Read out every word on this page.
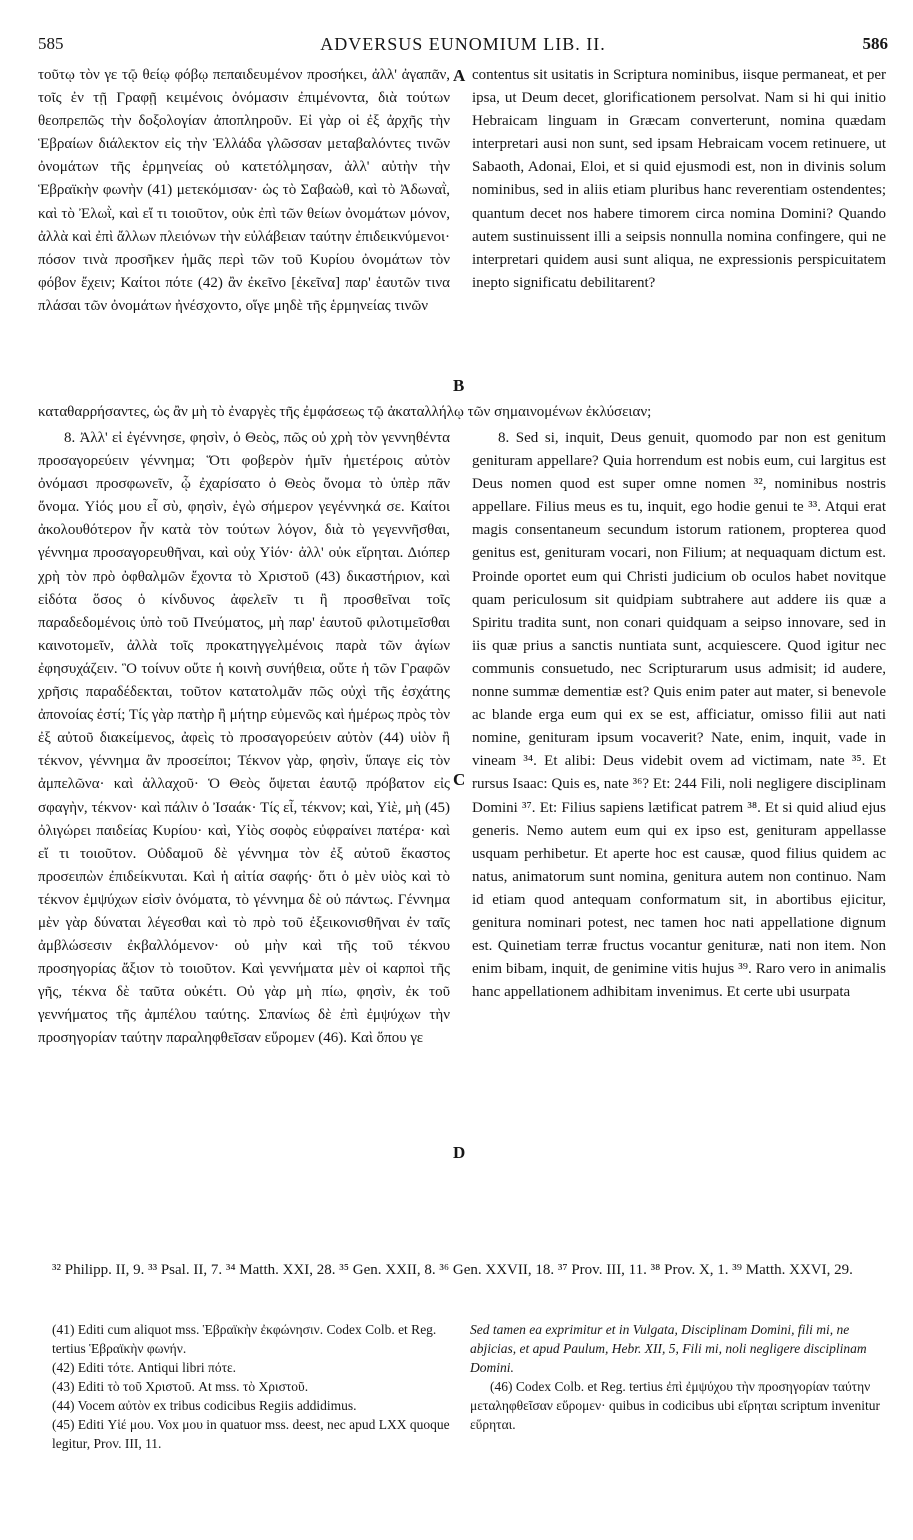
585	ADVERSUS EUNOMIUM LIB. II.	586

τοῦτῳ τὸν γε τῷ θείῳ φόβῳ πεπαιδευμένον προσήκει, ἀλλ' ἀγαπᾶν, τοῖς ἐν τῇ Γραφῇ κειμένοις ὀνόμασιν ἐπιμένοντα, διὰ τούτων θεοπρεπῶς τὴν δοξολογίαν ἀποπληροῦν. Εἰ γὰρ οἱ ἐξ ἀρχῆς τὴν Ἑβραίων διάλεκτον εἰς τὴν Ἑλλάδα γλῶσσαν μεταβαλόντες τινῶν ὀνομάτων τῆς ἑρμηνείας οὐ κατετόλμησαν, ἀλλ' αὐτὴν τὴν Ἑβραϊκὴν φωνὴν (41) μετεκόμισαν· ὡς τὸ Σαβαὼθ, καὶ τὸ Ἀδωναῒ, καὶ τὸ Ἐλωῒ, καὶ εἴ τι τοιοῦτον, οὐκ ἐπὶ τῶν θείων ὀνομάτων μόνον, ἀλλὰ καὶ ἐπὶ ἄλλων πλειόνων τὴν εὐλάβειαν ταύτην ἐπιδεικνύμενοι· πόσον τινὰ προσῆκεν ἡμᾶς περὶ τῶν τοῦ Κυρίου ὀνομάτων τὸν φόβον ἔχειν; Καίτοι πότε (42) ἂν ἐκεῖνο [ἐκεῖνα] παρ' ἑαυτῶν τινα πλάσαι τῶν ὀνομάτων ἠνέσχοντο, οἵγε μηδὲ τῆς ἑρμηνείας τινῶν

contentus sit usitatis in Scriptura nominibus, iisque permaneat, et per ipsa, ut Deum decet, glorificationem persolvat. Nam si hi qui initio Hebraicam linguam in Græcam converterunt, nomina quædam interpretari ausi non sunt, sed ipsam Hebraicam vocem retinuere, ut Sabaoth, Adonai, Eloi, et si quid ejusmodi est, non in divinis solum nominibus, sed in aliis etiam pluribus hanc reverentiam ostendentes; quantum decet nos habere timorem circa nomina Domini? Quando autem sustinuissent illi a seipsis nonnulla nomina confingere, qui ne interpretari quidem ausi sunt aliqua, ne expressionis perspicuitatem inepto significatu debilitarent?

καταθαρρήσαντες, ὡς ἂν μὴ τὸ ἐναργὲς τῆς ἐμφάσεως τῷ ἀκαταλλήλῳ τῶν σημαινομένων ἐκλύσειαν;

8. Ἀλλ' εἰ ἐγέννησε, φησὶν, ὁ Θεὸς, πῶς οὐ χρὴ τὸν γεννηθέντα προσαγορεύειν γέννημα; Ὅτι φοβερὸν ἡμῖν ἡμετέροις αὐτὸν ὀνόμασι προσφωνεῖν, ᾧ ἐχαρίσατο ὁ Θεὸς ὄνομα τὸ ὑπὲρ πᾶν ὄνομα. Υἱός μου εἶ σὺ, φησὶν, ἐγὼ σήμερον γεγέννηκά σε. Καίτοι ἀκολουθότερον ἦν κατὰ τὸν τούτων λόγον, διὰ τὸ γεγεννῆσθαι, γέννημα προσαγορευθῆναι, καὶ οὐχ Υἱόν· ἀλλ' οὐκ εἴρηται. Διόπερ χρὴ τὸν πρὸ ὀφθαλμῶν ἔχοντα τὸ Χριστοῦ (43) δικαστήριον, καὶ εἰδότα ὅσος ὁ κίνδυνος ἀφελεῖν τι ἢ προσθεῖναι τοῖς παραδεδομένοις ὑπὸ τοῦ Πνεύματος, μὴ παρ' ἑαυτοῦ φιλοτιμεῖσθαι καινοτομεῖν, ἀλλὰ τοῖς προκατηγγελμένοις παρὰ τῶν ἁγίων ἐφησυχάζειν. Ὃ τοίνυν οὔτε ἡ κοινὴ συνήθεια, οὔτε ἡ τῶν Γραφῶν χρῆσις παραδέδεκται, τοῦτον κατατολμᾶν πῶς οὐχὶ τῆς ἐσχάτης ἀπονοίας ἐστί; Τίς γὰρ πατὴρ ἢ μήτηρ εὐμενῶς καὶ ἡμέρως πρὸς τὸν ἐξ αὐτοῦ διακείμενος, ἀφεὶς τὸ προσαγορεύειν αὐτὸν (44) υἱὸν ἢ τέκνον, γέννημα ἂν προσείποι; Τέκνον γὰρ, φησὶν, ὕπαγε εἰς τὸν ἀμπελῶνα· καὶ ἀλλαχοῦ· Ὁ Θεὸς ὄψεται ἑαυτῷ πρόβατον εἰς σφαγὴν, τέκνον· καὶ πάλιν ὁ Ἰσαάκ· Τίς εἶ, τέκνον; καὶ, Υἱὲ, μὴ (45) ὀλιγώρει παιδείας Κυρίου· καὶ, Υἱὸς σοφὸς εὐφραίνει πατέρα· καὶ εἴ τι τοιοῦτον. Οὐδαμοῦ δὲ γέννημα τὸν ἐξ αὐτοῦ ἕκαστος προσειπὼν ἐπιδείκνυται. Καὶ ἡ αἰτία σαφής· ὅτι ὁ μὲν υἱὸς καὶ τὸ τέκνον ἐμψύχων εἰσὶν ὀνόματα, τὸ γέννημα δὲ οὐ πάντως. Γέννημα μὲν γὰρ δύναται λέγεσθαι καὶ τὸ πρὸ τοῦ ἐξεικονισθῆναι ἐν ταῖς ἀμβλώσεσιν ἐκβαλλόμενον· οὐ μὴν καὶ τῆς τοῦ τέκνου προσηγορίας ἄξιον τὸ τοιοῦτον. Καὶ γεννήματα μὲν οἱ καρποὶ τῆς γῆς, τέκνα δὲ ταῦτα οὐκέτι. Οὐ γὰρ μὴ πίω, φησὶν, ἐκ τοῦ γεννήματος τῆς ἀμπέλου ταύτης. Σπανίως δὲ ἐπὶ ἐμψύχων τὴν προσηγορίαν ταύτην παραληφθεῖσαν εὕρομεν (46). Καὶ ὅπου γε

8. Sed si, inquit, Deus genuit, quomodo par non est genitum genituram appellare? Quia horrendum est nobis eum, cui largitus est Deus nomen quod est super omne nomen ³², nominibus nostris appellare. Filius meus es tu, inquit, ego hodie genui te ³³. Atqui erat magis consentaneum secundum istorum rationem, propterea quod genitus est, genituram vocari, non Filium; at nequaquam dictum est. Proinde oportet eum qui Christi judicium ob oculos habet novitque quam periculosum sit quidpiam subtrahere aut addere iis quæ a Spiritu tradita sunt, non conari quidquam a seipso innovare, sed in iis quæ prius a sanctis nuntiata sunt, acquiescere. Quod igitur nec communis consuetudo, nec Scripturarum usus admisit; id audere, nonne summæ dementiæ est? Quis enim pater aut mater, si benevole ac blande erga eum qui ex se est, afficiatur, omisso filii aut nati nomine, genituram ipsum vocaverit? Nate, enim, inquit, vade in vineam ³⁴. Et alibi: Deus videbit ovem ad victimam, nate ³⁵. Et rursus Isaac: Quis es, nate ³⁶? Et: 244 Fili, noli negligere disciplinam Domini ³⁷. Et: Filius sapiens lætificat patrem ³⁸. Et si quid aliud ejus generis. Nemo autem eum qui ex ipso est, genituram appellasse usquam perhibetur. Et aperte hoc est causæ, quod filius quidem ac natus, animatorum sunt nomina, genitura autem non continuo. Nam id etiam quod antequam conformatum sit, in abortibus ejicitur, genitura nominari potest, nec tamen hoc nati appellatione dignum est. Quinetiam terræ fructus vocantur genituræ, nati non item. Non enim bibam, inquit, de genimine vitis hujus ³⁹. Raro vero in animalis hanc appellationem adhibitam invenimus. Et certe ubi usurpata

A
B
C
D
³² Philipp. II, 9. ³³ Psal. II, 7. ³⁴ Matth. XXI, 28. ³⁵ Gen. XXII, 8. ³⁶ Gen. XXVII, 18. ³⁷ Prov. III, 11. ³⁸ Prov. X, 1. ³⁹ Matth. XXVI, 29.

(41) Editi cum aliquot mss. Ἑβραϊκὴν ἐκφώνησιν. Codex Colb. et Reg. tertius Ἑβραϊκὴν φωνήν.

(42) Editi τότε. Antiqui libri πότε.

(43) Editi τὸ τοῦ Χριστοῦ. At mss. τὸ Χριστοῦ.

(44) Vocem αὐτὸν ex tribus codicibus Regiis addidimus.

(45) Editi Υἱέ μου. Vox μου in quatuor mss. deest, nec apud LXX quoque legitur, Prov. III, 11.

Sed tamen ea exprimitur et in Vulgata, Disciplinam Domini, fili mi, ne abjicias, et apud Paulum, Hebr. XII, 5, Fili mi, noli negligere disciplinam Domini.

(46) Codex Colb. et Reg. tertius ἐπὶ ἐμψύχου τὴν προσηγορίαν ταύτην μεταληφθεῖσαν εὕρομεν· quibus in codicibus ubi εἴρηται scriptum invenitur εὕρηται.
